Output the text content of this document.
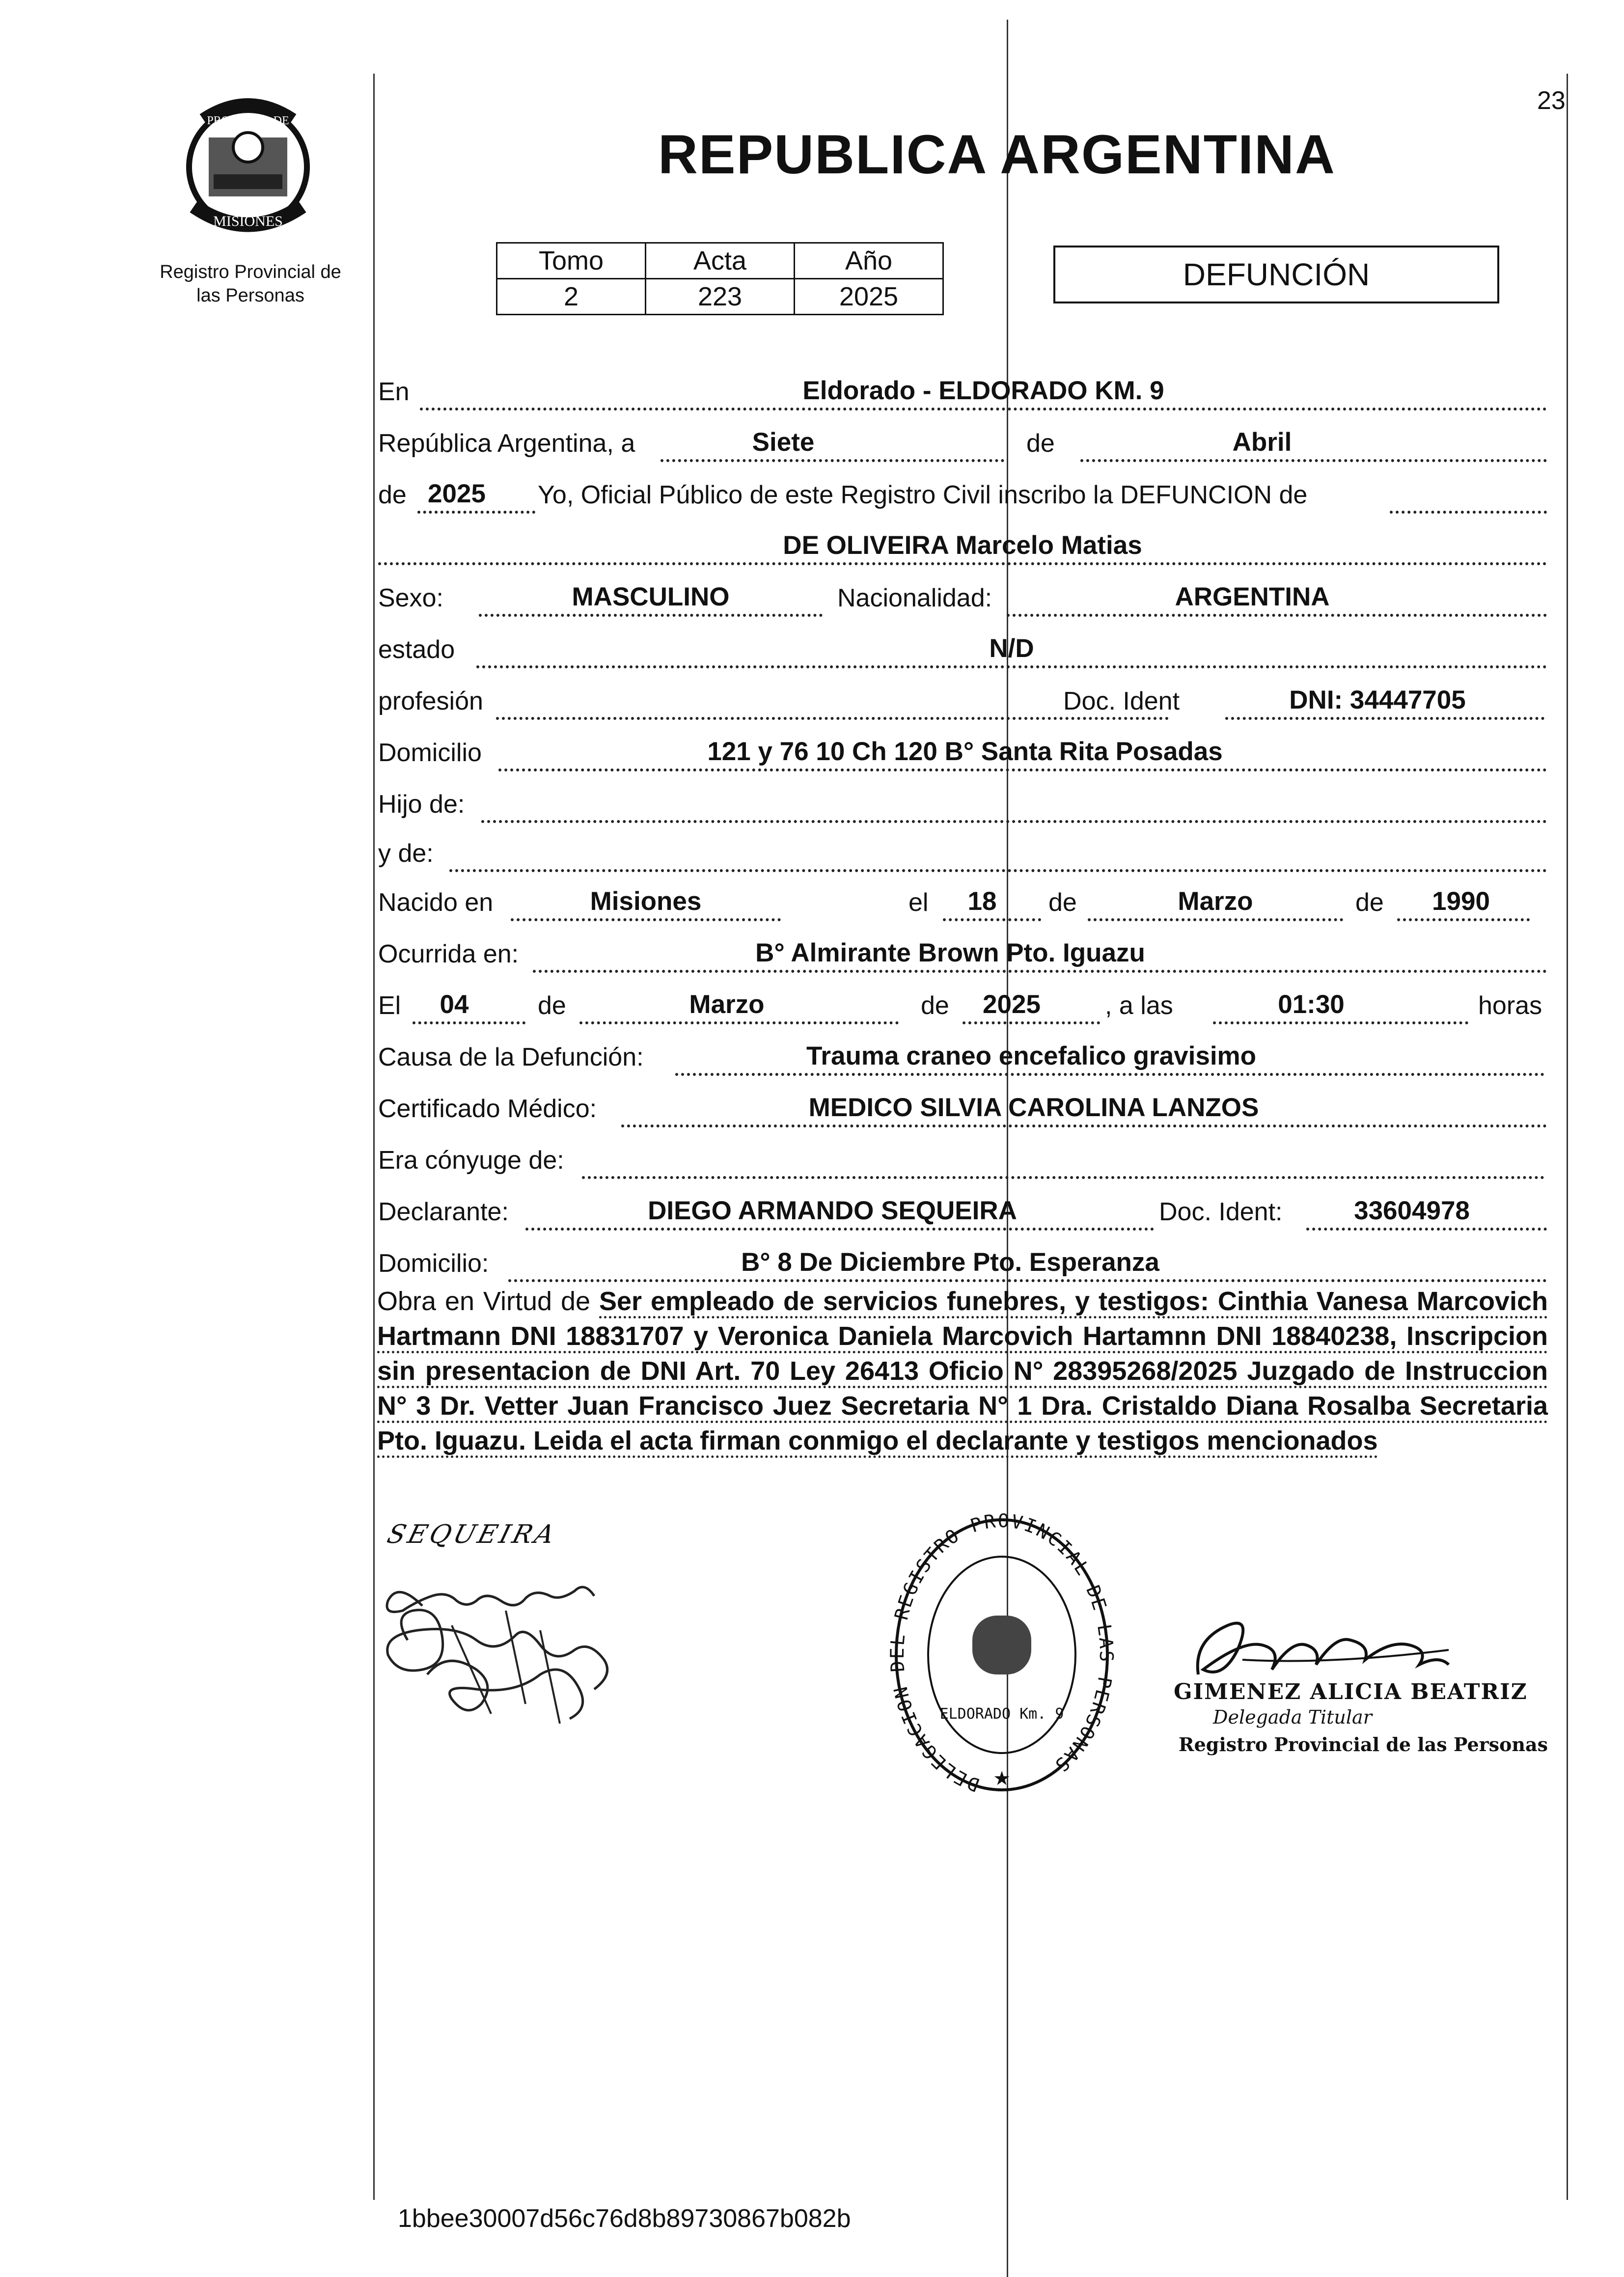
23
PROVINCIA DE
MISIONES
Registro Provincial de
las Personas
REPUBLICA ARGENTINA
Tomo	Acta	Año
2	223	2025
DEFUNCIÓN
En	Eldorado - ELDORADO KM. 9
República Argentina, a	Siete	de	Abril
de 2025	Yo, Oficial Público de este Registro Civil inscribo la DEFUNCION de
DE OLIVEIRA Marcelo Matias
Sexo:	MASCULINO	Nacionalidad:	ARGENTINA
estado	N/D
profesión	Doc. Ident	DNI: 34447705
Domicilio	121 y 76 10 Ch 120 B° Santa Rita Posadas
Hijo de:
y de:
Nacido en	Misiones	el	18	de	Marzo	de	1990
Ocurrida en:	B° Almirante Brown Pto. Iguazu
El	04	de	Marzo	de	2025	, a las	01:30	horas
Causa de la Defunción:	Trauma craneo encefalico gravisimo
Certificado Médico:	MEDICO SILVIA CAROLINA LANZOS
Era cónyuge de:
Declarante:	DIEGO ARMANDO SEQUEIRA	Doc. Ident:	33604978
Domicilio:	B° 8 De Diciembre Pto. Esperanza
Obra en Virtud de Ser empleado de servicios funebres, y testigos: Cinthia Vanesa Marcovich Hartmann DNI 18831707 y Veronica Daniela Marcovich Hartamnn DNI 18840238, Inscripcion sin presentacion de DNI Art. 70 Ley 26413 Oficio N° 28395268/2025 Juzgado de Instruccion N° 3 Dr. Vetter Juan Francisco Juez Secretaria N° 1 Dra. Cristaldo Diana Rosalba Secretaria Pto. Iguazu. Leida el acta firman conmigo el declarante y testigos mencionados
SEQUEIRA
DELEGACION DEL REGISTRO PROVINCIAL DE LAS PERSONAS
ELDORADO Km. 9
★
GIMENEZ ALICIA BEATRIZ
Delegada Titular
Registro Provincial de las Personas
1bbee30007d56c76d8b89730867b082b
